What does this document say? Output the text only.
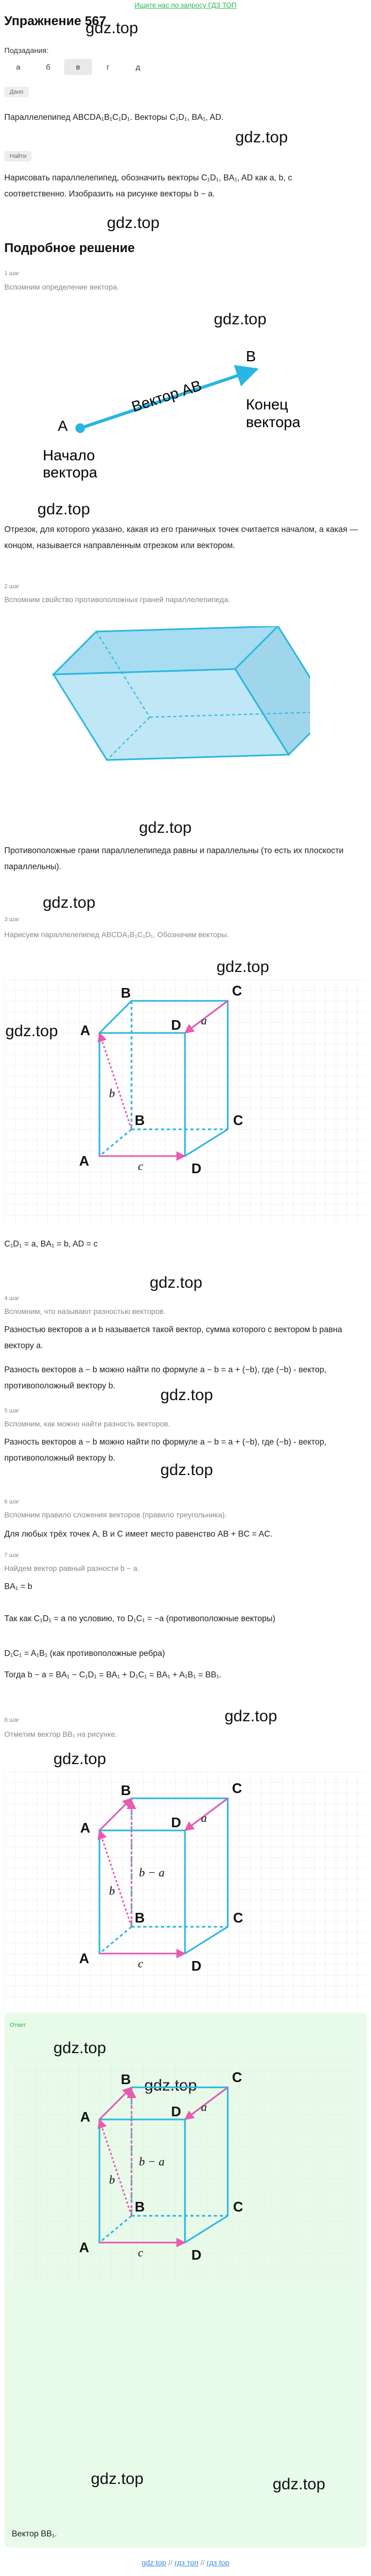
Ищите нас по запросу ГДЗ ТОП
Упражнение 567
gdz.top
Подзадания:
а	б	в	г	д
Дано
Параллелепипед ABCDA₁B₁C₁D₁. Векторы C₁D₁, BA₁, AD.
gdz.top
Найти
Нарисовать параллелепипед, обозначить векторы C₁D₁, BA₁, AD как a, b, c соответственно. Изобразить на рисунке векторы b − a.
gdz.top
Подробное решение
1 шаг
Вспомним определение вектора.
gdz.top
A
B
Вектор AB
Начало
вектора
Конец
вектора
gdz.top
Отрезок, для которого указано, какая из его граничных точек считается началом, а какая — концом, называется направленным отрезком или вектором.
2 шаг
Вспомним свойство противоположных граней параллелепипеда.
gdz.top
Противоположные грани параллелепипеда равны и параллельны (то есть их плоскости параллельны).
gdz.top
3 шаг
Нарисуем параллелепипед ABCDA₁B₁C₁D₁. Обозначим векторы.
gdz.top
A
B	C
D
A
B	C
D a
b
c
gdz.top
C₁D₁ = a, BA₁ = b, AD = c
gdz.top
4 шаг
Вспомним, что называют разностью векторов.
Разностью векторов a и b называется такой вектор, сумма которого с вектором b равна вектору a.
Разность векторов a − b можно найти по формуле a − b = a + (−b), где (−b) - вектор, противоположный вектору b.
gdz.top
5 шаг
Вспомним, как можно найти разность векторов.
Разность векторов a − b можно найти по формуле a − b = a + (−b), где (−b) - вектор, противоположный вектору b.
gdz.top
6 шаг
Вспомним правило сложения векторов (правило треугольника).
Для любых трёх точек A, B и C имеет место равенство AB + BC = AC.
7 шаг
Найдем вектор равный разности b − a.
BA₁ = b
Так как C₁D₁ = a по условию, то D₁C₁ = −a (противоположные векторы)
D₁C₁ = A₁B₁ (как противоположные ребра)
Тогда b − a = BA₁ − C₁D₁ = BA₁ + D₁C₁ = BA₁ + A₁B₁ = BB₁.
gdz.top
8 шаг
Отметим вектор BB₁ на рисунке.
gdz.top
A
B	C
D
A
B	C
D a
b
c
b − a
Ответ
gdz.top
A
B	C
D
A
B	C
D a
b
c
b − a
gdz.top	gdz.top
Вектор BB₁.
gdz top // гдз топ // гдз top
